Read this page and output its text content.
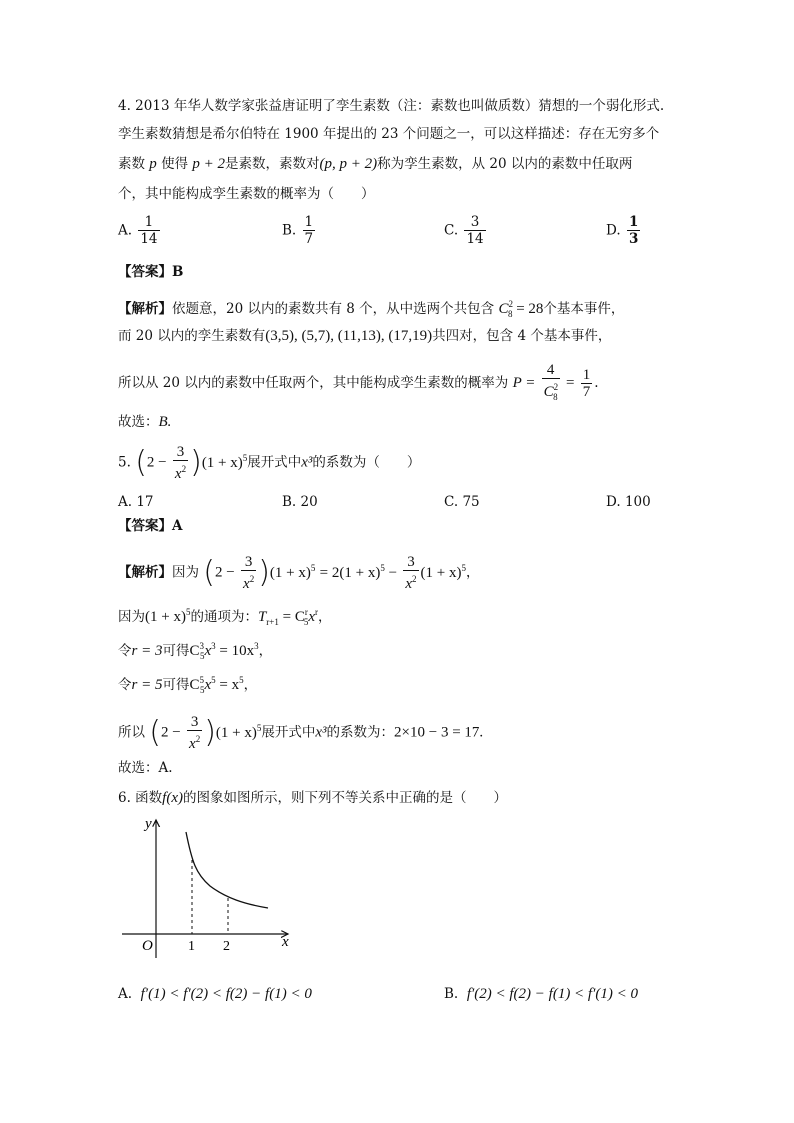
4. 2013 年华人数学家张益唐证明了孪生素数（注：素数也叫做质数）猜想的一个弱化形式.
孪生素数猜想是希尔伯特在 1900 年提出的 23 个问题之一，可以这样描述：存在无穷多个
素数 p 使得 p + 2是素数，素数对(p, p + 2)称为孪生素数，从 20 以内的素数中任取两
个，其中能构成孪生素数的概率为（　　）
A. $\frac{1}{14}$	B. $\frac{1}{7}$	C. $\frac{3}{14}$	D. $\frac{1}{3}$
【答案】B
【解析】依题意，20 以内的素数共有 8 个，从中选两个共包含 $C^2_8 = 28$个基本事件，
而 20 以内的孪生素数有(3,5), (5,7), (11,13), (17,19)共四对，包含 4 个基本事件，
所以从 20 以内的素数中任取两个，其中能构成孪生素数的概率为 $P = \frac{4}{C^2_8} = \frac{1}{7}$ .
故选：B.
5. $(2 - \frac{3}{x^2} )(1 + x)^5$展开式中x³的系数为（　　）
A. 17	B. 20	C. 75	D. 100
【答案】A
【解析】因为 $(2 - \frac{3}{x^2} )(1 + x)^5 = 2(1 + x)^5 - \frac{3}{x^2} (1 + x)^5$，
因为$(1 + x)^5$的通项为：$T_{r+1} = C^r_5x^r$，
令r = 3可得$C^3_5x^3 = 10x^3$，
令r = 5可得$C^5_5x^5 = x^5$，
所以 $(2 - \frac{3}{x^2} )(1 + x)^5$展开式中x³的系数为：2×10 − 3 = 17.
故选：A.
6. 函数f(x)的图象如图所示，则下列不等关系中正确的是（　　）
y
x
O	1 2
A. f′(1) < f′(2) < f(2) − f(1) < 0	B. f′(2) < f(2) − f(1) < f′(1) < 0
